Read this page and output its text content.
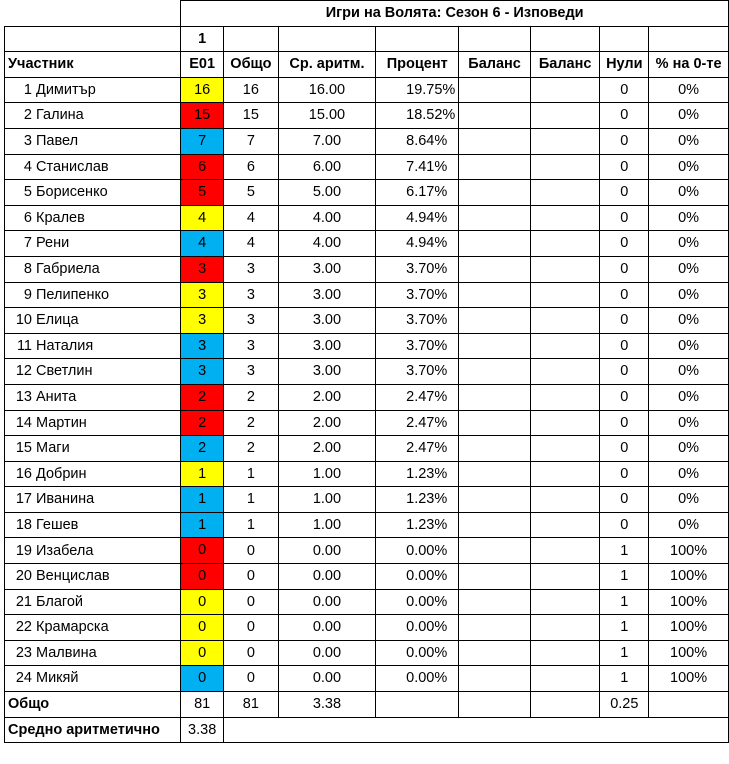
	Игри на Волята: Сезон 6 - Изповеди							
	1							
Участник	E01	Общо	Ср. аритм.	Процент	Баланс	Баланс	Нули	% на 0-те
1 Димитър	16	16	16.00	19.75%			0	0%
2 Галина	15	15	15.00	18.52%			0	0%
3 Павел	7	7	7.00	8.64%			0	0%
4 Станислав	6	6	6.00	7.41%			0	0%
5 Борисенко	5	5	5.00	6.17%			0	0%
6 Кралев	4	4	4.00	4.94%			0	0%
7 Рени	4	4	4.00	4.94%			0	0%
8 Габриела	3	3	3.00	3.70%			0	0%
9 Пелипенко	3	3	3.00	3.70%			0	0%
10 Елица	3	3	3.00	3.70%			0	0%
11 Наталия	3	3	3.00	3.70%			0	0%
12 Светлин	3	3	3.00	3.70%			0	0%
13 Анита	2	2	2.00	2.47%			0	0%
14 Мартин	2	2	2.00	2.47%			0	0%
15 Маги	2	2	2.00	2.47%			0	0%
16 Добрин	1	1	1.00	1.23%			0	0%
17 Иванина	1	1	1.00	1.23%			0	0%
18 Гешев	1	1	1.00	1.23%			0	0%
19 Изабела	0	0	0.00	0.00%			1	100%
20 Венцислав	0	0	0.00	0.00%			1	100%
21 Благой	0	0	0.00	0.00%			1	100%
22 Крамарска	0	0	0.00	0.00%			1	100%
23 Малвина	0	0	0.00	0.00%			1	100%
24 Микяй	0	0	0.00	0.00%			1	100%
Общо	81	81	3.38				0.25	
Средно аритметично	3.38							
